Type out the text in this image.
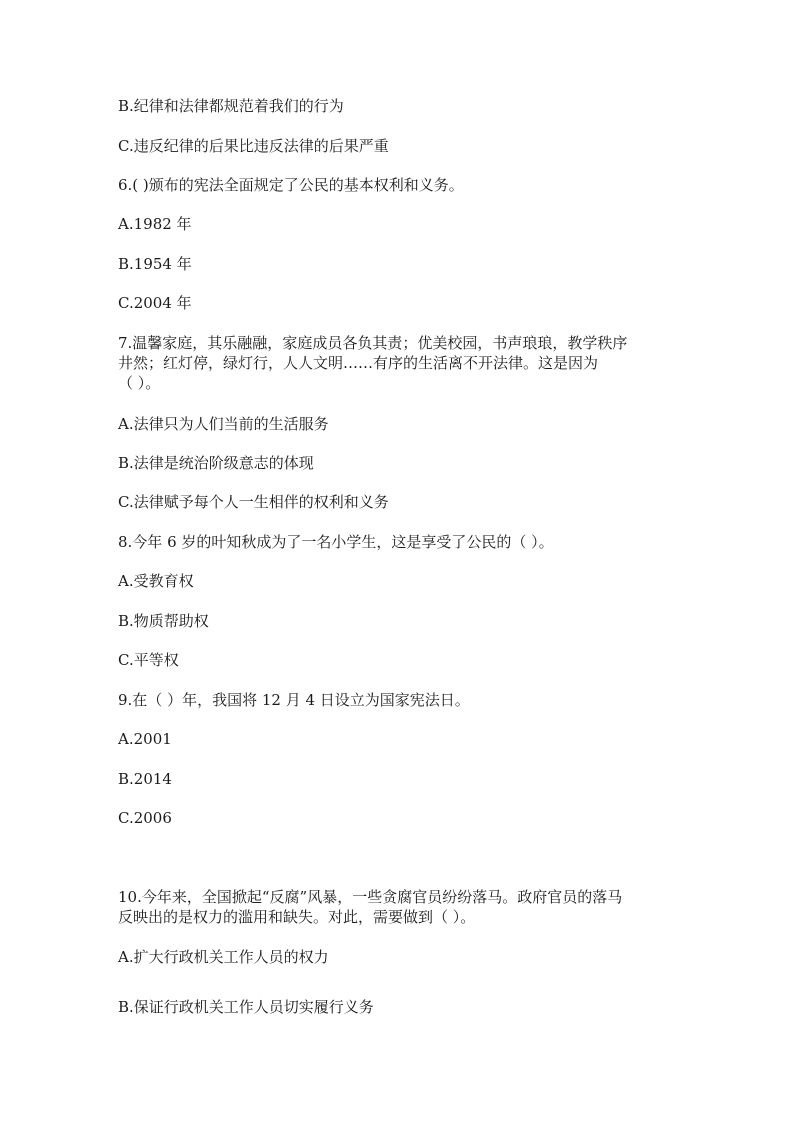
B.纪律和法律都规范着我们的行为
C.违反纪律的后果比违反法律的后果严重
6.( )颁布的宪法全面规定了公民的基本权利和义务。
A.1982 年
B.1954 年
C.2004 年
7.温馨家庭，其乐融融，家庭成员各负其责；优美校园，书声琅琅，教学秩序
井然；红灯停，绿灯行，人人文明……有序的生活离不开法律。这是因为
（ ）。
A.法律只为人们当前的生活服务
B.法律是统治阶级意志的体现
C.法律赋予每个人一生相伴的权利和义务
8.今年 6 岁的叶知秋成为了一名小学生，这是享受了公民的（ ）。
A.受教育权
B.物质帮助权
C.平等权
9.在（ ）年，我国将 12 月 4 日设立为国家宪法日。
A.2001
B.2014
C.2006
10.今年来，全国掀起“反腐”风暴，一些贪腐官员纷纷落马。政府官员的落马
反映出的是权力的滥用和缺失。对此，需要做到（ ）。
A.扩大行政机关工作人员的权力
B.保证行政机关工作人员切实履行义务
